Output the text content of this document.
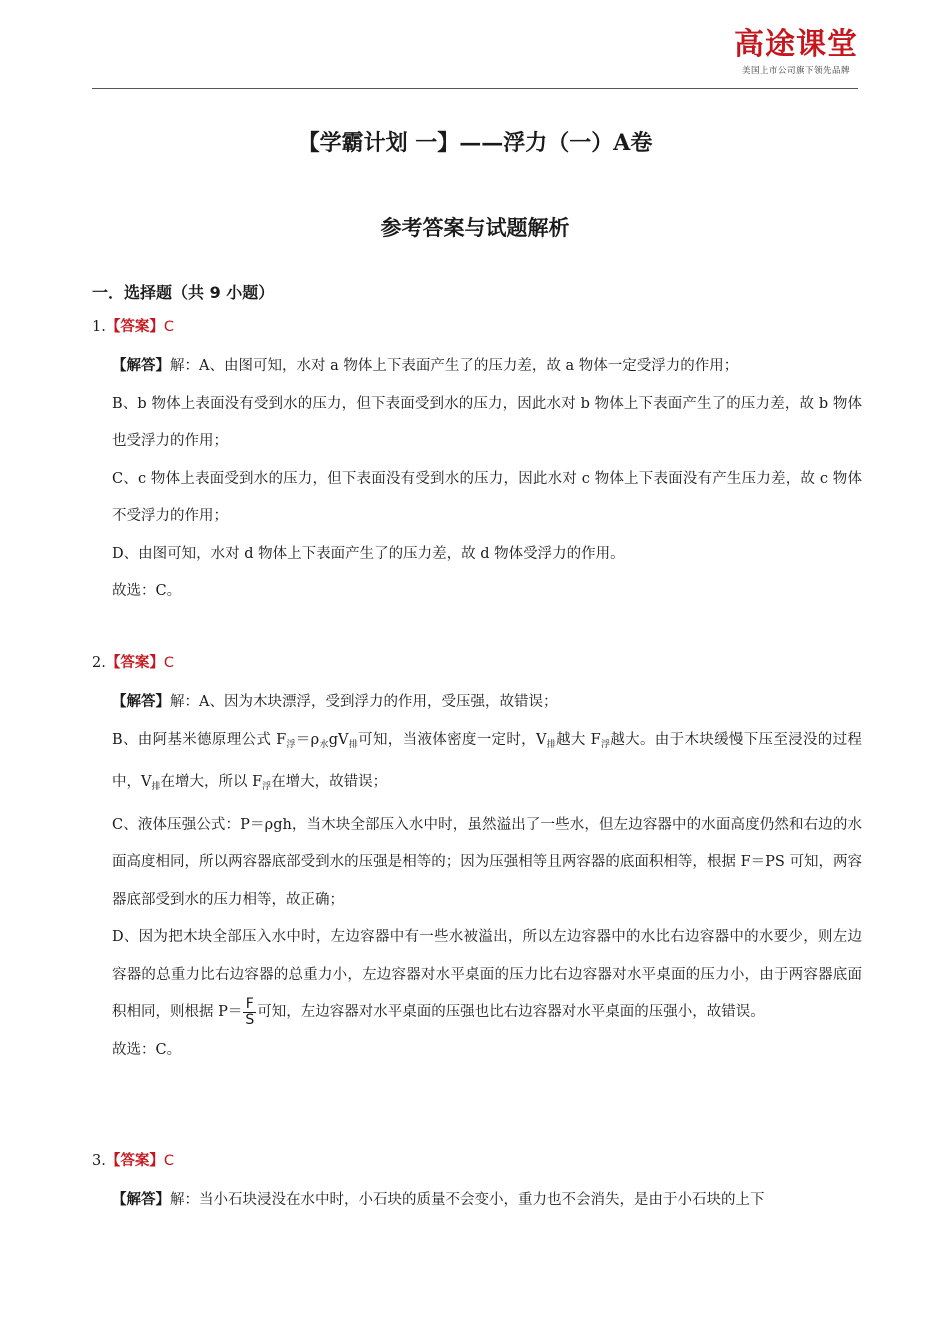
高途课堂
美国上市公司旗下领先品牌
【学霸计划 一】——浮力（一）A卷
参考答案与试题解析
一．选择题（共 9 小题）
1.【答案】C
【解答】解：A、由图可知，水对 a 物体上下表面产生了的压力差，故 a 物体一定受浮力的作用；
B、b 物体上表面没有受到水的压力，但下表面受到水的压力，因此水对 b 物体上下表面产生了的压力差，故 b 物体也受浮力的作用；
C、c 物体上表面受到水的压力，但下表面没有受到水的压力，因此水对 c 物体上下表面没有产生压力差，故 c 物体不受浮力的作用；
D、由图可知，水对 d 物体上下表面产生了的压力差，故 d 物体受浮力的作用。
故选：C。
2.【答案】C
【解答】解：A、因为木块漂浮，受到浮力的作用，受压强，故错误；
B、由阿基米德原理公式 $F_浮=\rho_水gV_排$可知，当液体密度一定时，$V_排$越大 $F_浮$越大。由于木块缓慢下压至浸没的过程中，$V_排$在增大，所以 $F_浮$在增大，故错误；
C、液体压强公式：P＝ρgh，当木块全部压入水中时，虽然溢出了一些水，但左边容器中的水面高度仍然和右边的水面高度相同，所以两容器底部受到水的压强是相等的；因为压强相等且两容器的底面积相等，根据 F＝PS 可知，两容器底部受到水的压力相等，故正确；
D、因为把木块全部压入水中时，左边容器中有一些水被溢出，所以左边容器中的水比右边容器中的水要少，则左边容器的总重力比右边容器的总重力小，左边容器对水平桌面的压力比右边容器对水平桌面的压力小，由于两容器底面积相同，则根据 $P= \frac{F}{S}$ 可知，左边容器对水平桌面的压强也比右边容器对水平桌面的压强小，故错误。
故选：C。
3.【答案】C
【解答】解：当小石块浸没在水中时，小石块的质量不会变小，重力也不会消失，是由于小石块的上下
